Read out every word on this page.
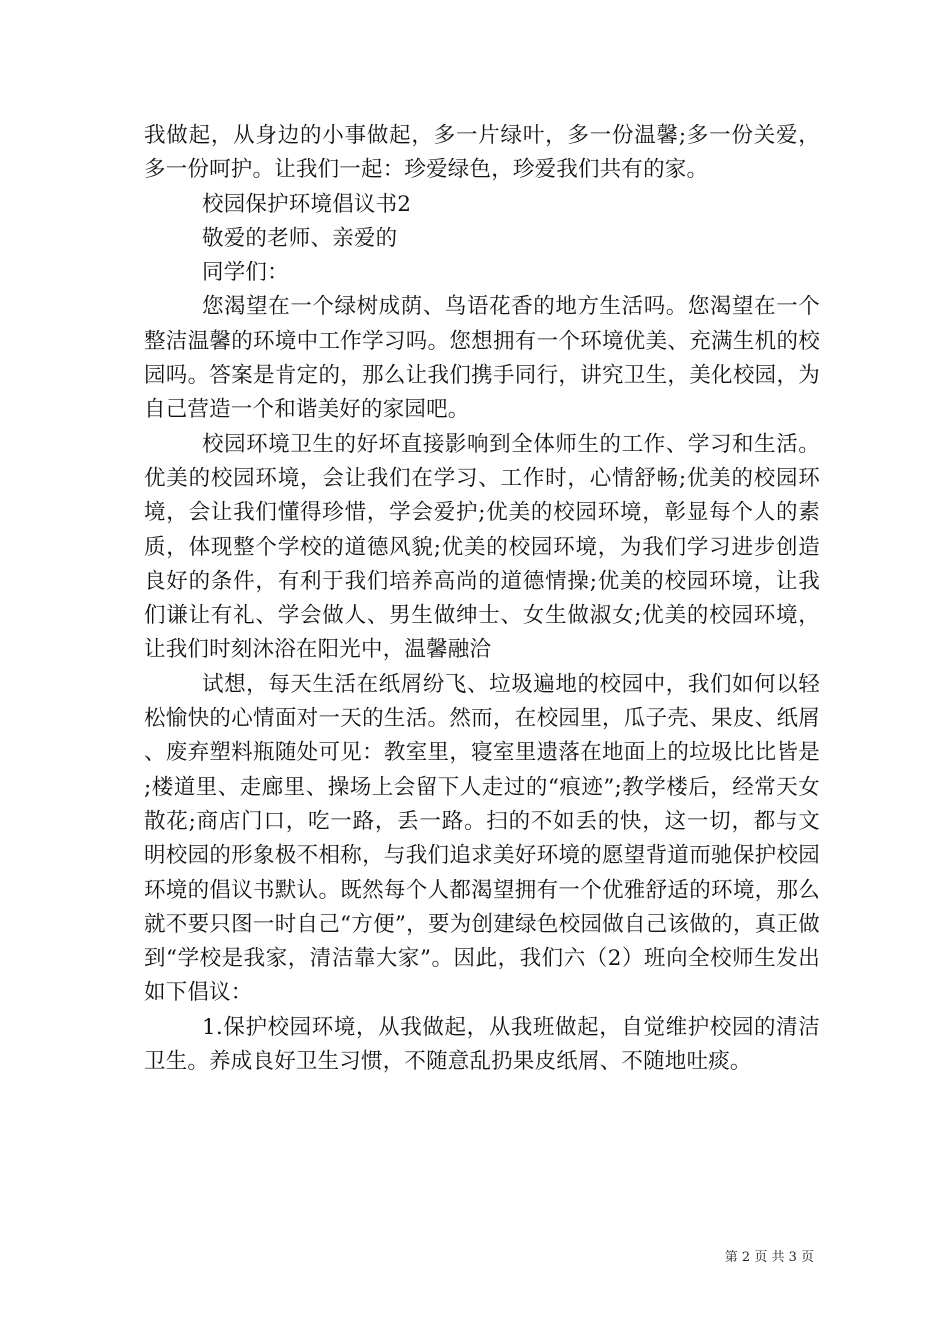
我做起，从身边的小事做起，多一片绿叶，多一份温馨;多一份关爱，多一份呵护。让我们一起：珍爱绿色，珍爱我们共有的家。

校园保护环境倡议书2

敬爱的老师、亲爱的

同学们：

您渴望在一个绿树成荫、鸟语花香的地方生活吗。您渴望在一个整洁温馨的环境中工作学习吗。您想拥有一个环境优美、充满生机的校园吗。答案是肯定的，那么让我们携手同行，讲究卫生，美化校园，为自己营造一个和谐美好的家园吧。

校园环境卫生的好坏直接影响到全体师生的工作、学习和生活。优美的校园环境，会让我们在学习、工作时，心情舒畅;优美的校园环境，会让我们懂得珍惜，学会爱护;优美的校园环境，彰显每个人的素质，体现整个学校的道德风貌;优美的校园环境，为我们学习进步创造良好的条件，有利于我们培养高尚的道德情操;优美的校园环境，让我们谦让有礼、学会做人、男生做绅士、女生做淑女;优美的校园环境，让我们时刻沐浴在阳光中，温馨融洽

试想，每天生活在纸屑纷飞、垃圾遍地的校园中，我们如何以轻松愉快的心情面对一天的生活。然而，在校园里，瓜子壳、果皮、纸屑、废弃塑料瓶随处可见：教室里，寝室里遗落在地面上的垃圾比比皆是;楼道里、走廊里、操场上会留下人走过的“痕迹”;教学楼后，经常天女散花;商店门口，吃一路，丢一路。扫的不如丢的快，这一切，都与文明校园的形象极不相称，与我们追求美好环境的愿望背道而驰保护校园环境的倡议书默认。既然每个人都渴望拥有一个优雅舒适的环境，那么就不要只图一时自己“方便”，要为创建绿色校园做自己该做的，真正做到“学校是我家，清洁靠大家”。因此，我们六（2）班向全校师生发出如下倡议：

1.保护校园环境，从我做起，从我班做起，自觉维护校园的清洁卫生。养成良好卫生习惯，不随意乱扔果皮纸屑、不随地吐痰。

第 2 页 共 3 页
